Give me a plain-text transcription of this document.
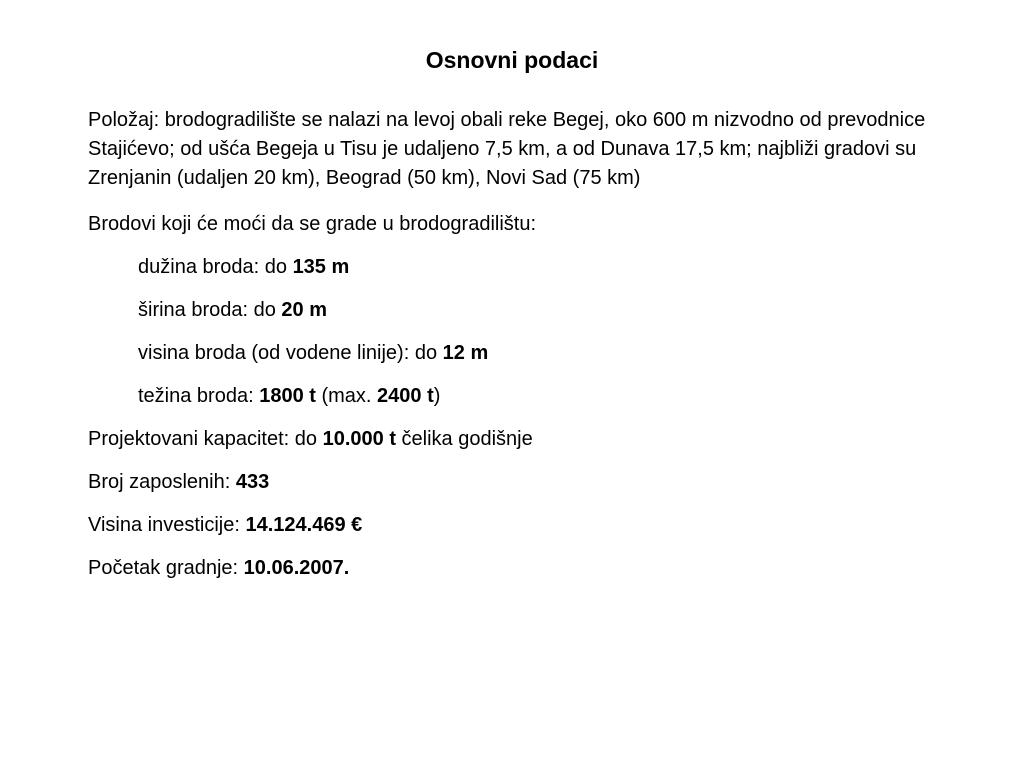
Osnovni podaci

Položaj: brodogradilište se nalazi na levoj obali reke Begej, oko 600 m nizvodno od prevodnice Stajićevo; od ušća Begeja u Tisu je udaljeno 7,5 km, a od Dunava 17,5 km; najbliži gradovi su Zrenjanin (udaljen 20 km), Beograd (50 km), Novi Sad (75 km)

Brodovi koji će moći da se grade u brodogradilištu:

dužina broda: do 135 m

širina broda: do 20 m

visina broda (od vodene linije): do 12 m

težina broda: 1800 t (max. 2400 t)

Projektovani kapacitet: do 10.000 t čelika godišnje

Broj zaposlenih: 433

Visina investicije: 14.124.469 €

Početak gradnje: 10.06.2007.
